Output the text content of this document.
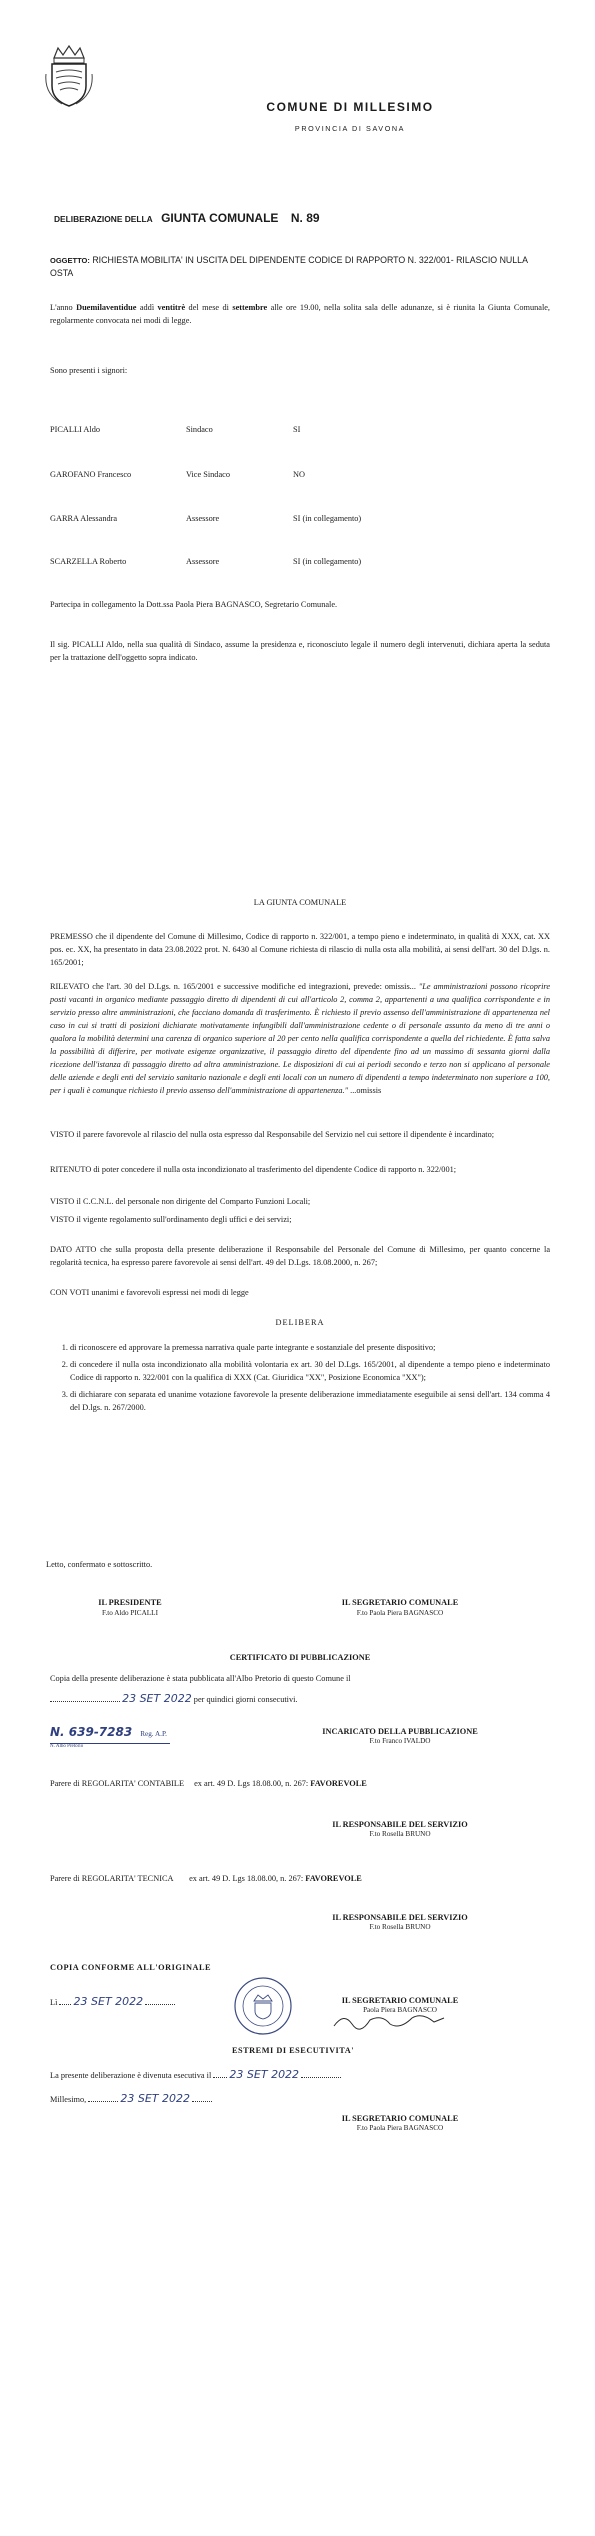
COMUNE DI MILLESIMO
PROVINCIA DI SAVONA
DELIBERAZIONE DELLA GIUNTA COMUNALE N. 89
OGGETTO: RICHIESTA MOBILITA' IN USCITA DEL DIPENDENTE CODICE DI RAPPORTO N. 322/001- RILASCIO NULLA OSTA
L'anno Duemilaventidue addì ventitrè del mese di settembre alle ore 19.00, nella solita sala delle adunanze, si è riunita la Giunta Comunale, regolarmente convocata nei modi di legge.
Sono presenti i signori:
PICALLI Aldo	Sindaco	SI
GAROFANO Francesco	Vice Sindaco	NO
GARRA Alessandra	Assessore	SI (in collegamento)
SCARZELLA Roberto	Assessore	SI (in collegamento)
Partecipa in collegamento la Dott.ssa Paola Piera BAGNASCO, Segretario Comunale.
Il sig. PICALLI Aldo, nella sua qualità di Sindaco, assume la presidenza e, riconosciuto legale il numero degli intervenuti, dichiara aperta la seduta per la trattazione dell'oggetto sopra indicato.
LA GIUNTA COMUNALE
PREMESSO che il dipendente del Comune di Millesimo, Codice di rapporto n. 322/001, a tempo pieno e indeterminato, in qualità di XXX, cat. XX pos. ec. XX, ha presentato in data 23.08.2022 prot. N. 6430 al Comune richiesta di rilascio di nulla osta alla mobilità, ai sensi dell'art. 30 del D.lgs. n. 165/2001;
RILEVATO che l'art. 30 del D.Lgs. n. 165/2001 e successive modifiche ed integrazioni, prevede: omissis... "Le amministrazioni possono ricoprire posti vacanti in organico mediante passaggio diretto di dipendenti di cui all'articolo 2, comma 2, appartenenti a una qualifica corrispondente e in servizio presso altre amministrazioni, che facciano domanda di trasferimento. È richiesto il previo assenso dell'amministrazione di appartenenza nel caso in cui si tratti di posizioni dichiarate motivatamente infungibili dall'amministrazione cedente o di personale assunto da meno di tre anni o qualora la mobilità determini una carenza di organico superiore al 20 per cento nella qualifica corrispondente a quella del richiedente. È fatta salva la possibilità di differire, per motivate esigenze organizzative, il passaggio diretto del dipendente fino ad un massimo di sessanta giorni dalla ricezione dell'istanza di passaggio diretto ad altra amministrazione. Le disposizioni di cui ai periodi secondo e terzo non si applicano al personale delle aziende e degli enti del servizio sanitario nazionale e degli enti locali con un numero di dipendenti a tempo indeterminato non superiore a 100, per i quali è comunque richiesto il previo assenso dell'amministrazione di appartenenza." ...omissis
VISTO il parere favorevole al rilascio del nulla osta espresso dal Responsabile del Servizio nel cui settore il dipendente è incardinato;
RITENUTO di poter concedere il nulla osta incondizionato al trasferimento del dipendente Codice di rapporto n. 322/001;
VISTO il C.C.N.L. del personale non dirigente del Comparto Funzioni Locali;
VISTO il vigente regolamento sull'ordinamento degli uffici e dei servizi;
DATO ATTO che sulla proposta della presente deliberazione il Responsabile del Personale del Comune di Millesimo, per quanto concerne la regolarità tecnica, ha espresso parere favorevole ai sensi dell'art. 49 del D.Lgs. 18.08.2000, n. 267;
CON VOTI unanimi e favorevoli espressi nei modi di legge
DELIBERA
1. di riconoscere ed approvare la premessa narrativa quale parte integrante e sostanziale del presente dispositivo;
2. di concedere il nulla osta incondizionato alla mobilità volontaria ex art. 30 del D.Lgs. 165/2001, al dipendente a tempo pieno e indeterminato Codice di rapporto n. 322/001 con la qualifica di XXX (Cat. Giuridica "XX", Posizione Economica "XX");
3. di dichiarare con separata ed unanime votazione favorevole la presente deliberazione immediatamente eseguibile ai sensi dell'art. 134 comma 4 del D.lgs. n. 267/2000.
Letto, confermato e sottoscritto.
IL PRESIDENTE
F.to Aldo PICALLI
IL SEGRETARIO COMUNALE
F.to Paola Piera BAGNASCO
CERTIFICATO DI PUBBLICAZIONE
Copia della presente deliberazione è stata pubblicata all'Albo Pretorio di questo Comune il
23 SET 2022 per quindici giorni consecutivi.
N. 639-7283 Reg. A.P.
N. Albo Pretorio
INCARICATO DELLA PUBBLICAZIONE
F.to Franco IVALDO
Parere di REGOLARITA' CONTABILE ex art. 49 D. Lgs 18.08.00, n. 267: FAVOREVOLE
IL RESPONSABILE DEL SERVIZIO
F.to Rosella BRUNO
Parere di REGOLARITA' TECNICA ex art. 49 D. Lgs 18.08.00, n. 267: FAVOREVOLE
IL RESPONSABILE DEL SERVIZIO
F.to Rosella BRUNO
COPIA CONFORME ALL'ORIGINALE
Lì 23 SET 2022	IL SEGRETARIO COMUNALE
Paola Piera BAGNASCO
ESTREMI DI ESECUTIVITA'
La presente deliberazione è divenuta esecutiva il 23 SET 2022
Millesimo,	23 SET 2022
IL SEGRETARIO COMUNALE
F.to Paola Piera BAGNASCO
